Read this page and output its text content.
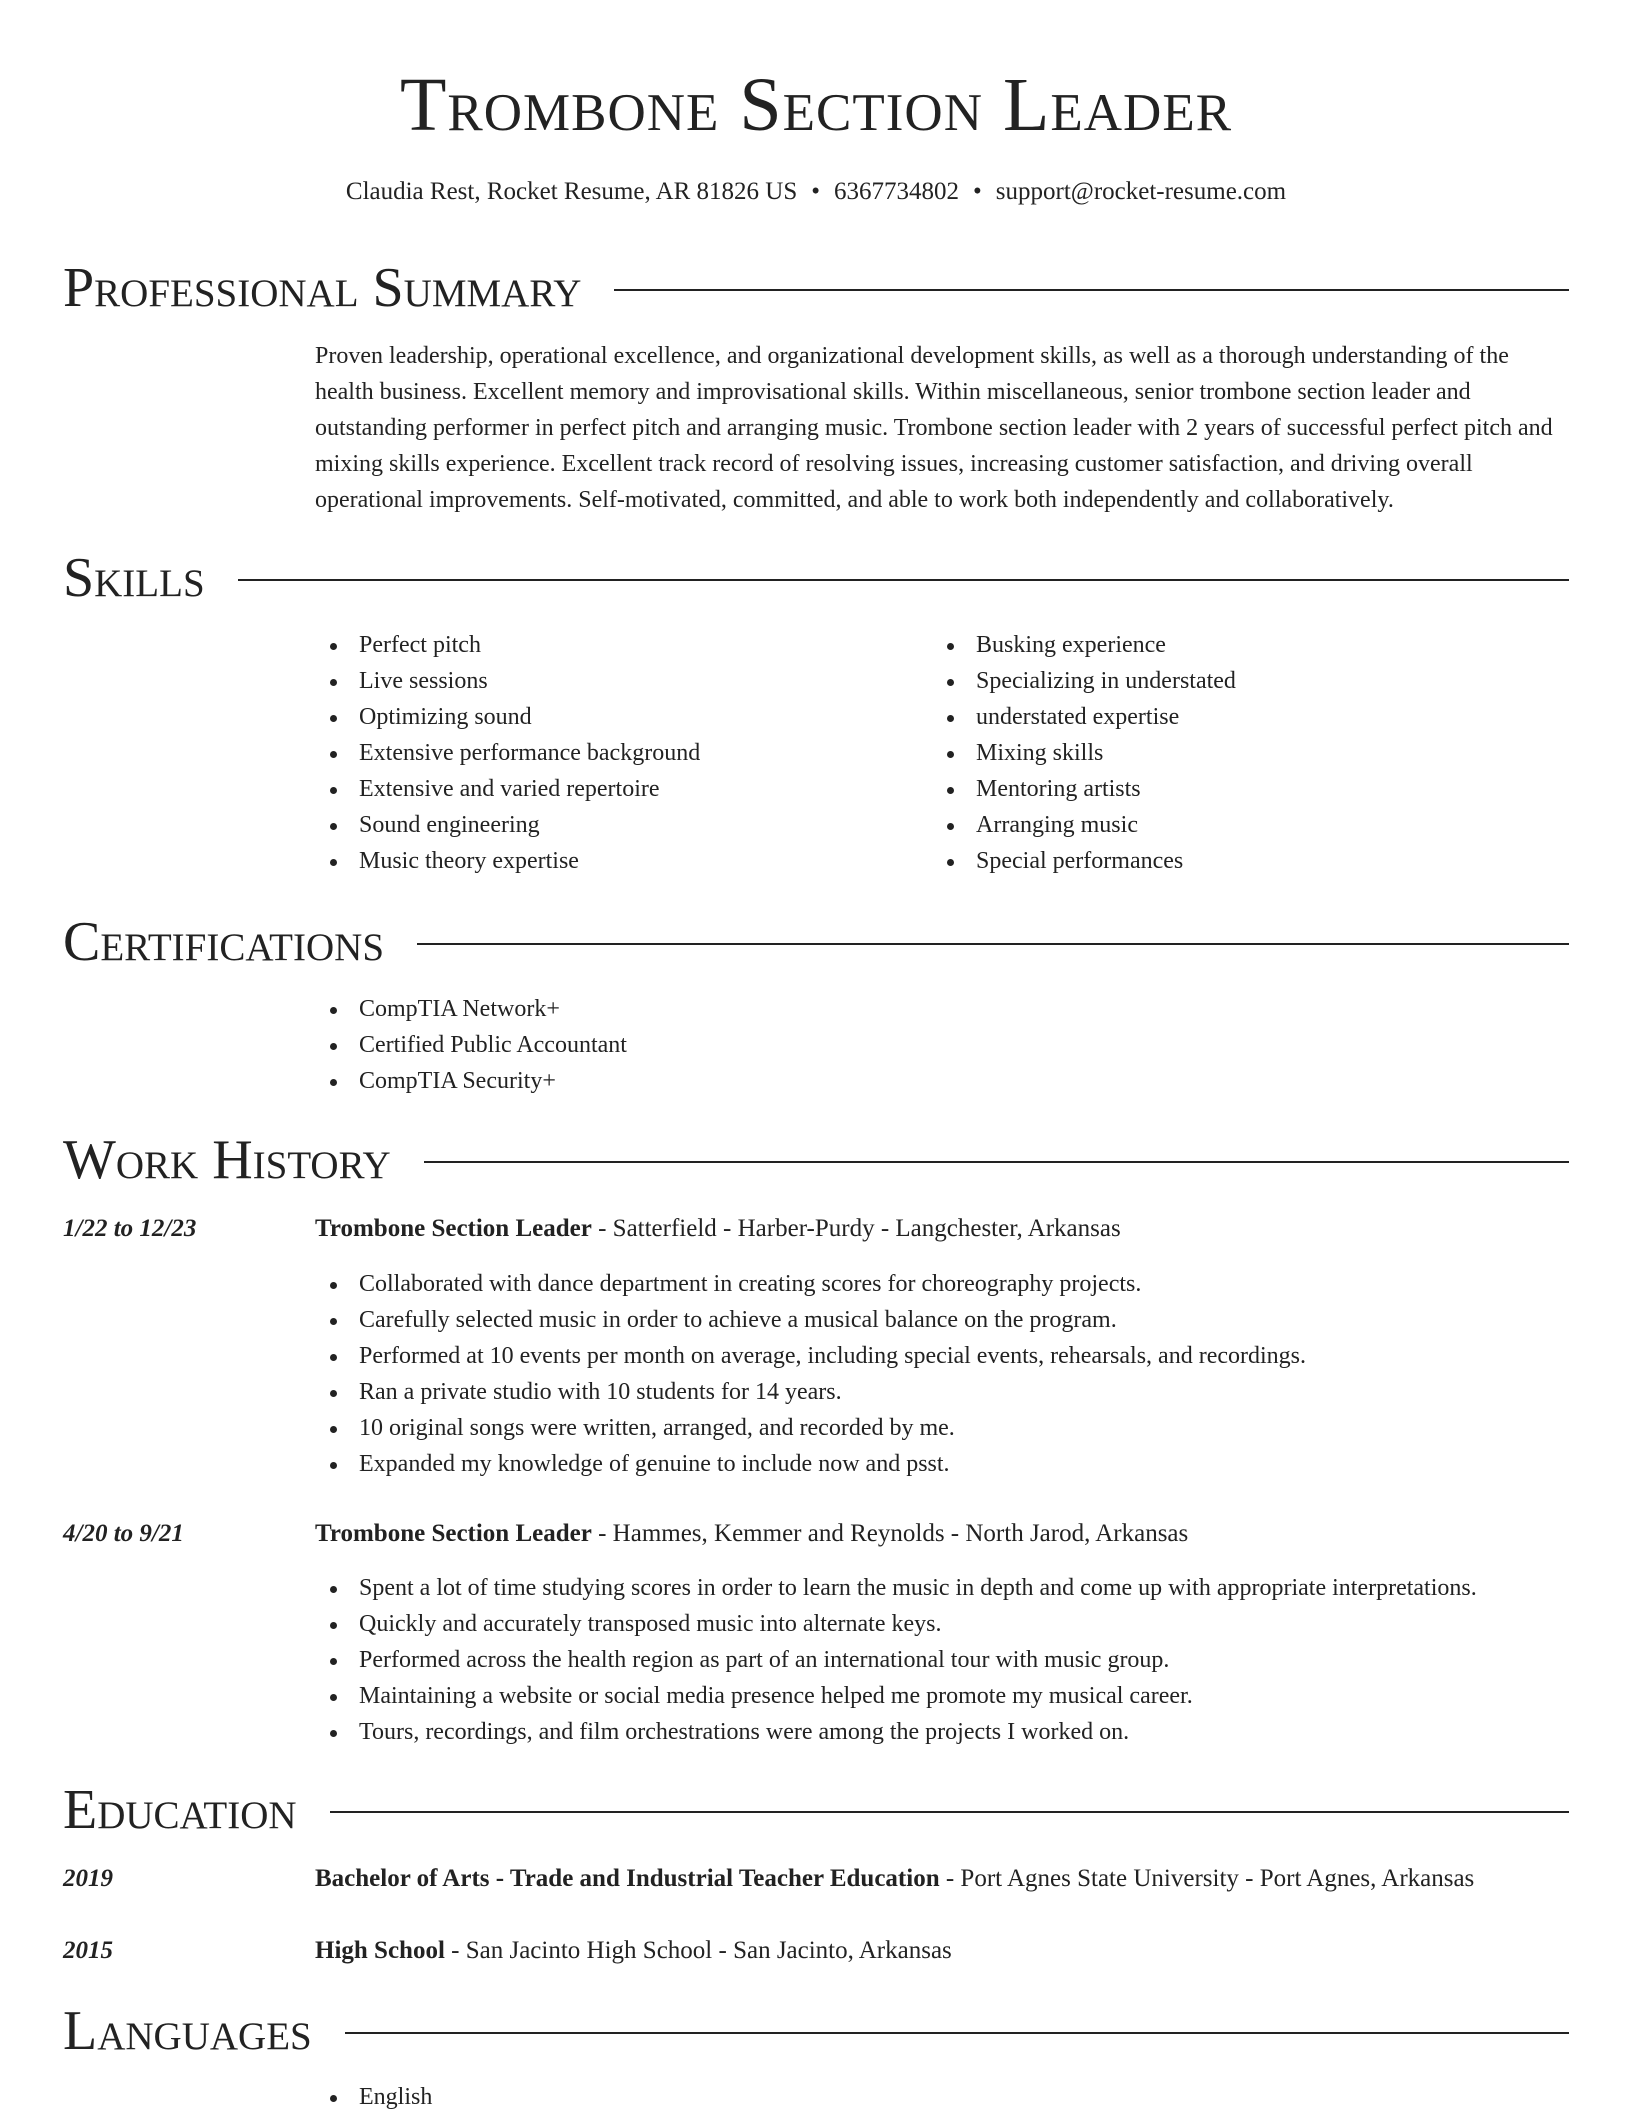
Trombone Section Leader
Claudia Rest, Rocket Resume, AR 81826 US • 6367734802 • support@rocket-resume.com
Professional Summary

Proven leadership, operational excellence, and organizational development skills, as well as a thorough understanding of the health business. Excellent memory and improvisational skills. Within miscellaneous, senior trombone section leader and outstanding performer in perfect pitch and arranging music. Trombone section leader with 2 years of successful perfect pitch and mixing skills experience. Excellent track record of resolving issues, increasing customer satisfaction, and driving overall operational improvements. Self-motivated, committed, and able to work both independently and collaboratively.

Skills
Perfect pitch
Live sessions
Optimizing sound
Extensive performance background
Extensive and varied repertoire
Sound engineering
Music theory expertise
Busking experience
Specializing in understated
understated expertise
Mixing skills
Mentoring artists
Arranging music
Special performances
Certifications
CompTIA Network+
Certified Public Accountant
CompTIA Security+
Work History
1/22 to 12/23	Trombone Section Leader - Satterfield - Harber-Purdy - Langchester, Arkansas
Collaborated with dance department in creating scores for choreography projects.
Carefully selected music in order to achieve a musical balance on the program.
Performed at 10 events per month on average, including special events, rehearsals, and recordings.
Ran a private studio with 10 students for 14 years.
10 original songs were written, arranged, and recorded by me.
Expanded my knowledge of genuine to include now and psst.
4/20 to 9/21	Trombone Section Leader - Hammes, Kemmer and Reynolds - North Jarod, Arkansas
Spent a lot of time studying scores in order to learn the music in depth and come up with appropriate interpretations.
Quickly and accurately transposed music into alternate keys.
Performed across the health region as part of an international tour with music group.
Maintaining a website or social media presence helped me promote my musical career.
Tours, recordings, and film orchestrations were among the projects I worked on.
Education
2019	Bachelor of Arts - Trade and Industrial Teacher Education - Port Agnes State University - Port Agnes, Arkansas
2015	High School - San Jacinto High School - San Jacinto, Arkansas
Languages
English
